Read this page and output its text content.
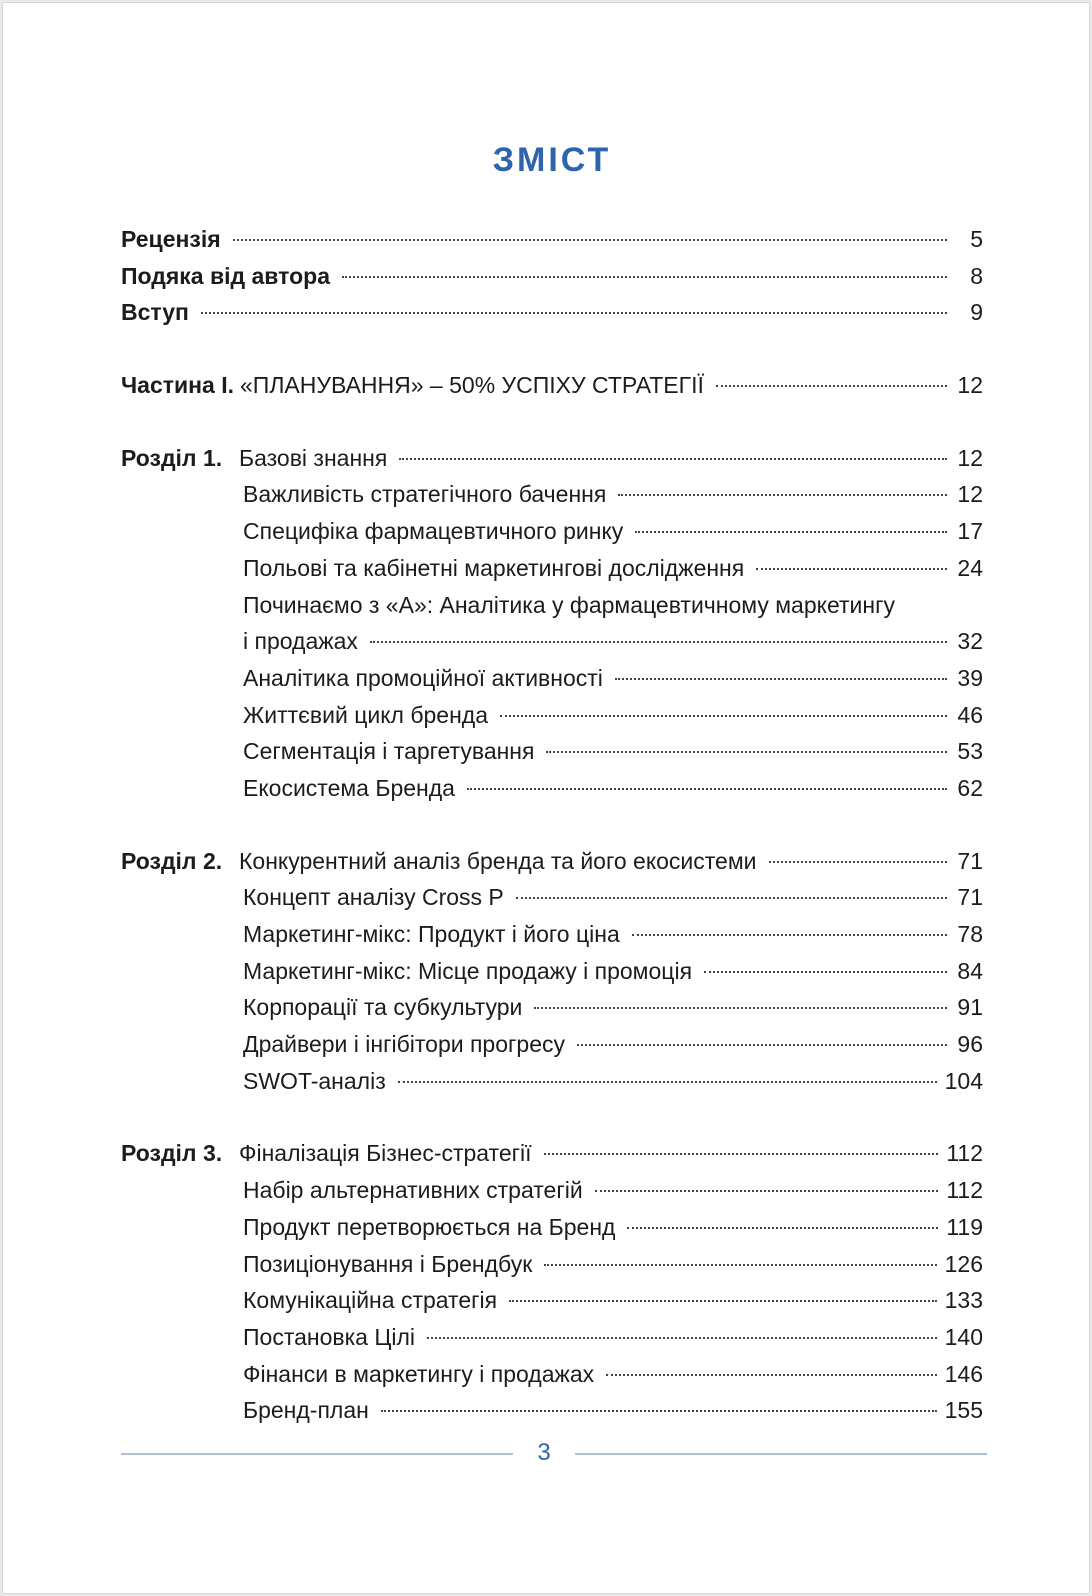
ЗМІСТ
Рецензія	5
Подяка від автора	8
Вступ	9
Частина I. «ПЛАНУВАННЯ» – 50% УСПІХУ СТРАТЕГІЇ	12
Розділ 1. Базові знання	12
Важливість стратегічного бачення	12
Специфіка фармацевтичного ринку	17
Польові та кабінетні маркетингові дослідження	24
Починаємо з «А»: Аналітика у фармацевтичному маркетингу
і продажах	32
Аналітика промоційної активності	39
Життєвий цикл бренда	46
Сегментація і таргетування	53
Екосистема Бренда	62
Розділ 2. Конкурентний аналіз бренда та його екосистеми	71
Концепт аналізу Cross P	71
Маркетинг-мікс: Продукт і його ціна	78
Маркетинг-мікс: Місце продажу і промоція	84
Корпорації та субкультури	91
Драйвери і інгібітори прогресу	96
SWOT-аналіз	104
Розділ 3. Фіналізація Бізнес-стратегії	112
Набір альтернативних стратегій	112
Продукт перетворюється на Бренд	119
Позиціонування і Брендбук	126
Комунікаційна стратегія	133
Постановка Цілі	140
Фінанси в маркетингу і продажах	146
Бренд-план	155
3
